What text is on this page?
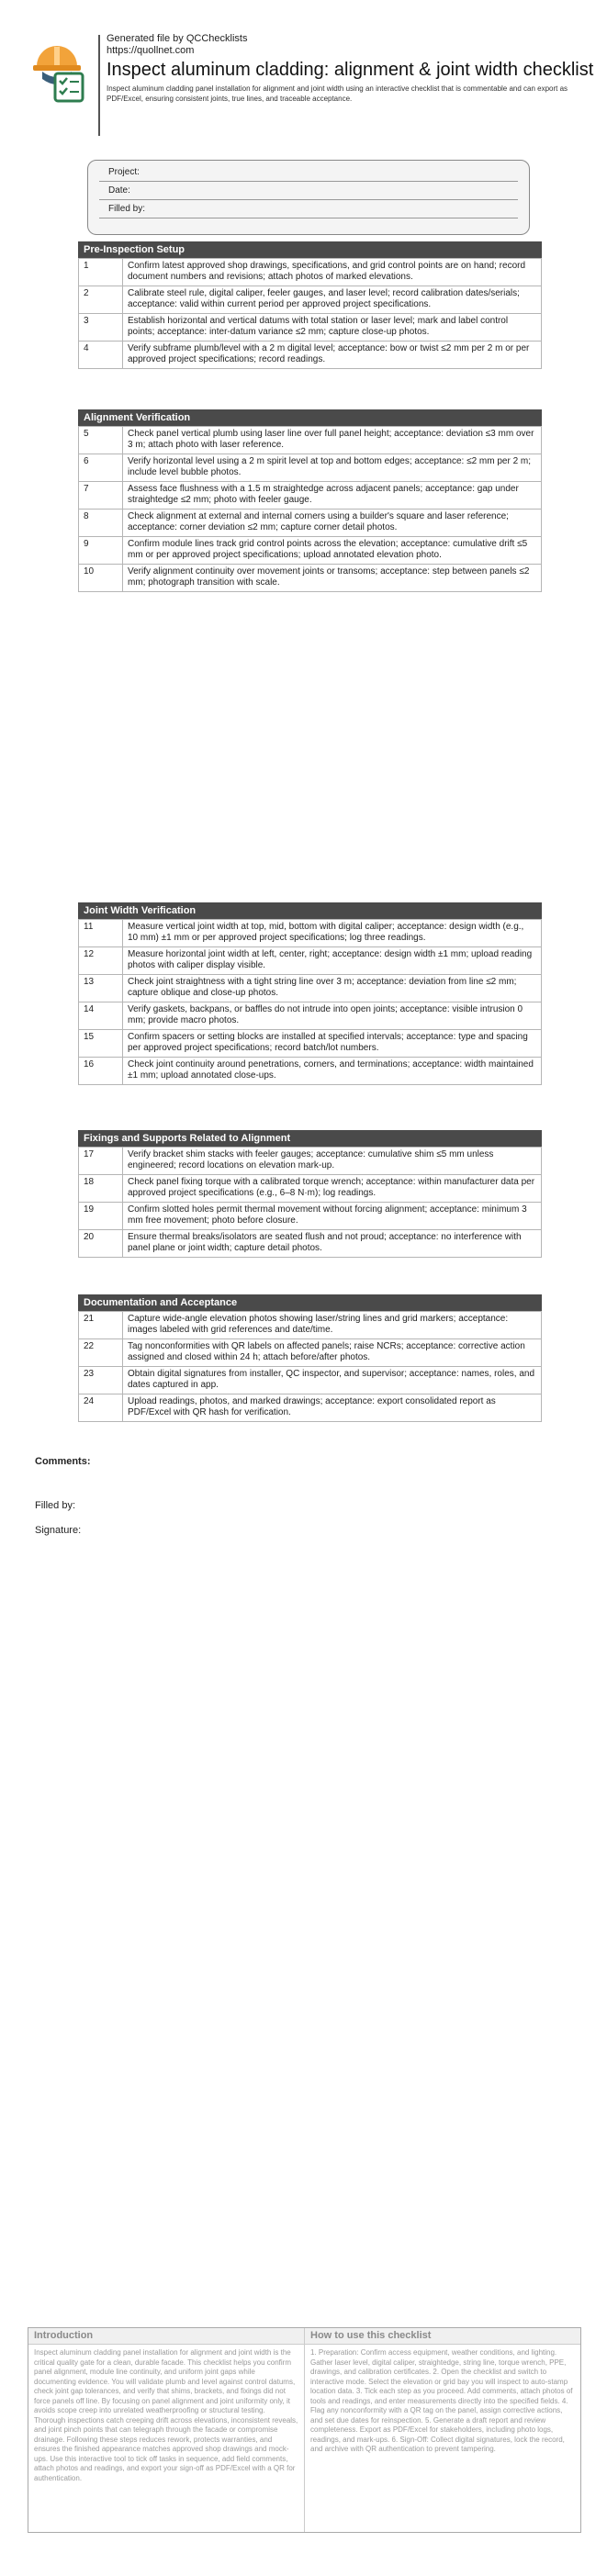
Generated file by QCChecklists
https://quollnet.com
Inspect aluminum cladding: alignment & joint width checklist
Inspect aluminum cladding panel installation for alignment and joint width using an interactive checklist that is commentable and can export as PDF/Excel, ensuring consistent joints, true lines, and traceable acceptance.
Project:
Date:
Filled by:
Pre-Inspection Setup
1	Confirm latest approved shop drawings, specifications, and grid control points are on hand; record document numbers and revisions; attach photos of marked elevations.
2	Calibrate steel rule, digital caliper, feeler gauges, and laser level; record calibration dates/serials; acceptance: valid within current period per approved project specifications.
3	Establish horizontal and vertical datums with total station or laser level; mark and label control points; acceptance: inter-datum variance ≤2 mm; capture close-up photos.
4	Verify subframe plumb/level with a 2 m digital level; acceptance: bow or twist ≤2 mm per 2 m or per approved project specifications; record readings.
Alignment Verification
5	Check panel vertical plumb using laser line over full panel height; acceptance: deviation ≤3 mm over 3 m; attach photo with laser reference.
6	Verify horizontal level using a 2 m spirit level at top and bottom edges; acceptance: ≤2 mm per 2 m; include level bubble photos.
7	Assess face flushness with a 1.5 m straightedge across adjacent panels; acceptance: gap under straightedge ≤2 mm; photo with feeler gauge.
8	Check alignment at external and internal corners using a builder's square and laser reference; acceptance: corner deviation ≤2 mm; capture corner detail photos.
9	Confirm module lines track grid control points across the elevation; acceptance: cumulative drift ≤5 mm or per approved project specifications; upload annotated elevation photo.
10	Verify alignment continuity over movement joints or transoms; acceptance: step between panels ≤2 mm; photograph transition with scale.
Joint Width Verification
11	Measure vertical joint width at top, mid, bottom with digital caliper; acceptance: design width (e.g., 10 mm) ±1 mm or per approved project specifications; log three readings.
12	Measure horizontal joint width at left, center, right; acceptance: design width ±1 mm; upload reading photos with caliper display visible.
13	Check joint straightness with a tight string line over 3 m; acceptance: deviation from line ≤2 mm; capture oblique and close-up photos.
14	Verify gaskets, backpans, or baffles do not intrude into open joints; acceptance: visible intrusion 0 mm; provide macro photos.
15	Confirm spacers or setting blocks are installed at specified intervals; acceptance: type and spacing per approved project specifications; record batch/lot numbers.
16	Check joint continuity around penetrations, corners, and terminations; acceptance: width maintained ±1 mm; upload annotated close-ups.
Fixings and Supports Related to Alignment
17	Verify bracket shim stacks with feeler gauges; acceptance: cumulative shim ≤5 mm unless engineered; record locations on elevation mark-up.
18	Check panel fixing torque with a calibrated torque wrench; acceptance: within manufacturer data per approved project specifications (e.g., 6–8 N·m); log readings.
19	Confirm slotted holes permit thermal movement without forcing alignment; acceptance: minimum 3 mm free movement; photo before closure.
20	Ensure thermal breaks/isolators are seated flush and not proud; acceptance: no interference with panel plane or joint width; capture detail photos.
Documentation and Acceptance
21	Capture wide-angle elevation photos showing laser/string lines and grid markers; acceptance: images labeled with grid references and date/time.
22	Tag nonconformities with QR labels on affected panels; raise NCRs; acceptance: corrective action assigned and closed within 24 h; attach before/after photos.
23	Obtain digital signatures from installer, QC inspector, and supervisor; acceptance: names, roles, and dates captured in app.
24	Upload readings, photos, and marked drawings; acceptance: export consolidated report as PDF/Excel with QR hash for verification.
Comments:
Filled by:
Signature:
Introduction
Inspect aluminum cladding panel installation for alignment and joint width is the critical quality gate for a clean, durable facade. This checklist helps you confirm panel alignment, module line continuity, and uniform joint gaps while documenting evidence. You will validate plumb and level against control datums, check joint gap tolerances, and verify that shims, brackets, and fixings did not force panels off line. By focusing on panel alignment and joint uniformity only, it avoids scope creep into unrelated weatherproofing or structural testing. Thorough inspections catch creeping drift across elevations, inconsistent reveals, and joint pinch points that can telegraph through the facade or compromise drainage. Following these steps reduces rework, protects warranties, and ensures the finished appearance matches approved shop drawings and mock-ups. Use this interactive tool to tick off tasks in sequence, add field comments, attach photos and readings, and export your sign-off as PDF/Excel with a QR for authentication.
How to use this checklist
1. Preparation: Confirm access equipment, weather conditions, and lighting. Gather laser level, digital caliper, straightedge, string line, torque wrench, PPE, drawings, and calibration certificates. 2. Open the checklist and switch to interactive mode. Select the elevation or grid bay you will inspect to auto-stamp location data. 3. Tick each step as you proceed. Add comments, attach photos of tools and readings, and enter measurements directly into the specified fields. 4. Flag any nonconformity with a QR tag on the panel, assign corrective actions, and set due dates for reinspection. 5. Generate a draft report and review completeness. Export as PDF/Excel for stakeholders, including photo logs, readings, and mark-ups. 6. Sign-Off: Collect digital signatures, lock the record, and archive with QR authentication to prevent tampering.
